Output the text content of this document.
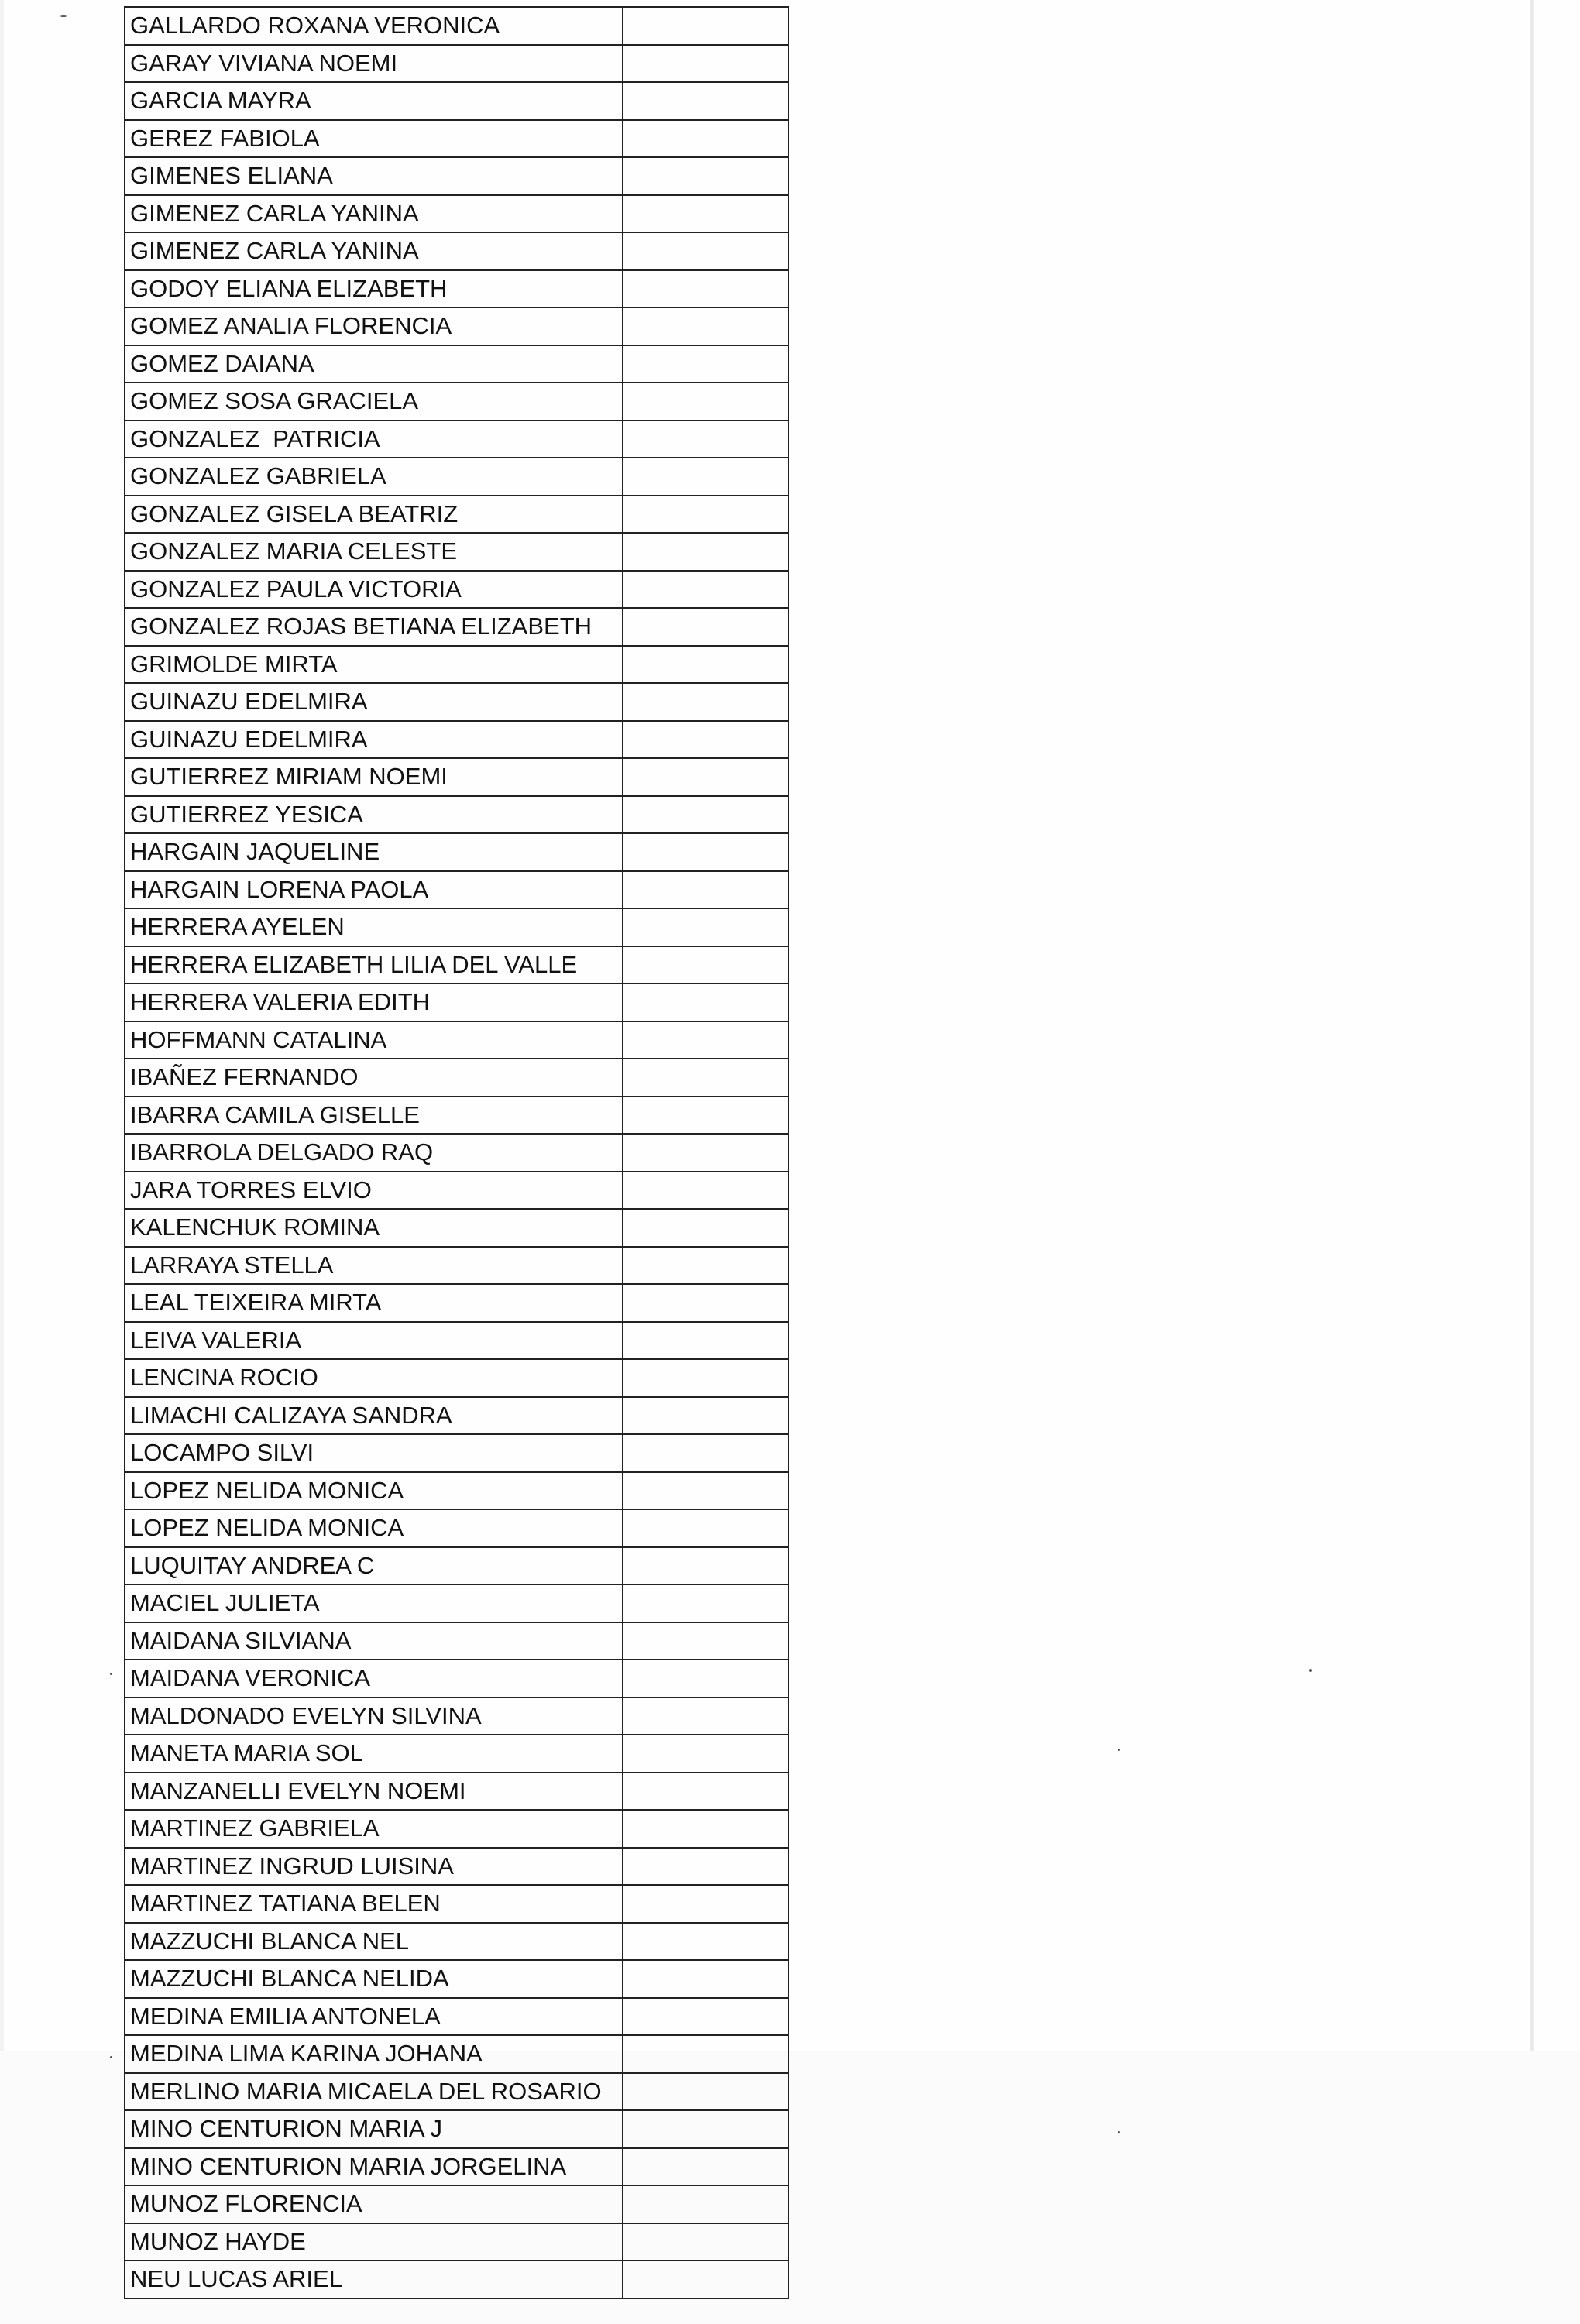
GALLARDO ROXANA VERONICA	
GARAY VIVIANA NOEMI	
GARCIA MAYRA	
GEREZ FABIOLA	
GIMENES ELIANA	
GIMENEZ CARLA YANINA	
GIMENEZ CARLA YANINA	
GODOY ELIANA ELIZABETH	
GOMEZ ANALIA FLORENCIA	
GOMEZ DAIANA	
GOMEZ SOSA GRACIELA	
GONZALEZ  PATRICIA	
GONZALEZ GABRIELA	
GONZALEZ GISELA BEATRIZ	
GONZALEZ MARIA CELESTE	
GONZALEZ PAULA VICTORIA	
GONZALEZ ROJAS BETIANA ELIZABETH	
GRIMOLDE MIRTA	
GUINAZU EDELMIRA	
GUINAZU EDELMIRA	
GUTIERREZ MIRIAM NOEMI	
GUTIERREZ YESICA	
HARGAIN JAQUELINE	
HARGAIN LORENA PAOLA	
HERRERA AYELEN	
HERRERA ELIZABETH LILIA DEL VALLE	
HERRERA VALERIA EDITH	
HOFFMANN CATALINA	
IBAÑEZ FERNANDO	
IBARRA CAMILA GISELLE	
IBARROLA DELGADO RAQ	
JARA TORRES ELVIO	
KALENCHUK ROMINA	
LARRAYA STELLA	
LEAL TEIXEIRA MIRTA	
LEIVA VALERIA	
LENCINA ROCIO	
LIMACHI CALIZAYA SANDRA	
LOCAMPO SILVI	
LOPEZ NELIDA MONICA	
LOPEZ NELIDA MONICA	
LUQUITAY ANDREA C	
MACIEL JULIETA	
MAIDANA SILVIANA	
MAIDANA VERONICA	
MALDONADO EVELYN SILVINA	
MANETA MARIA SOL	
MANZANELLI EVELYN NOEMI	
MARTINEZ GABRIELA	
MARTINEZ INGRUD LUISINA	
MARTINEZ TATIANA BELEN	
MAZZUCHI BLANCA NEL	
MAZZUCHI BLANCA NELIDA	
MEDINA EMILIA ANTONELA	
MEDINA LIMA KARINA JOHANA	
MERLINO MARIA MICAELA DEL ROSARIO	
MINO CENTURION MARIA J	
MINO CENTURION MARIA JORGELINA	
MUNOZ FLORENCIA	
MUNOZ HAYDE	
NEU LUCAS ARIEL	
